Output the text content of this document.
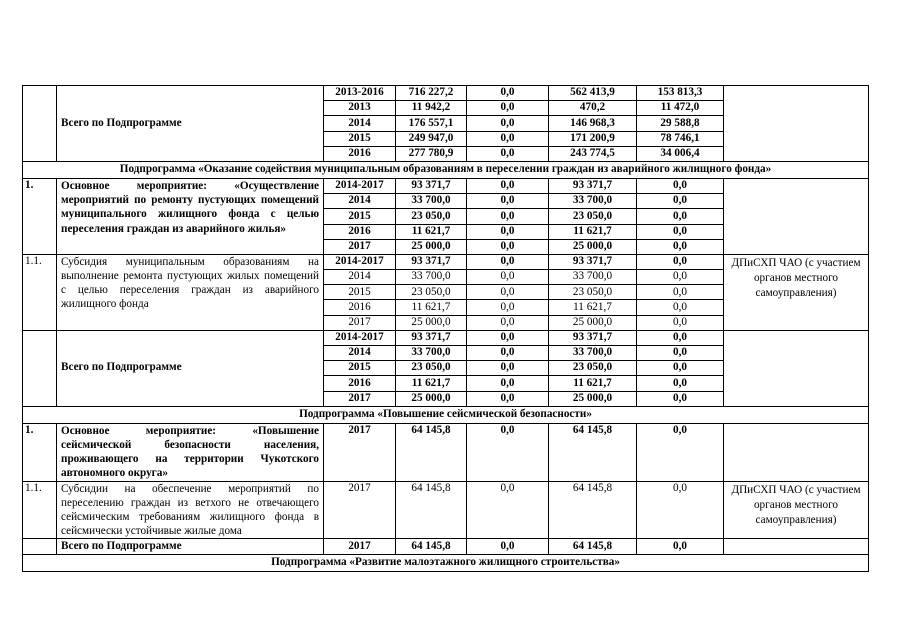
	Всего по Подпрограмме	2013-2016	716 227,2	0,0	562 413,9	153 813,3	
		2013	11 942,2	0,0	470,2	11 472,0	
		2014	176 557,1	0,0	146 968,3	29 588,8	
		2015	249 947,0	0,0	171 200,9	78 746,1	
		2016	277 780,9	0,0	243 774,5	34 006,4	
Подпрограмма «Оказание содействия муниципальным образованиям в переселении граждан из аварийного жилищного фонда»							
1.	Основное мероприятие: «Осуществление мероприятий по ремонту пустующих помещений муниципального жилищного фонда с целью переселения граждан из аварийного жилья»	2014-2017	93 371,7	0,0	93 371,7	0,0	
		2014	33 700,0	0,0	33 700,0	0,0	
		2015	23 050,0	0,0	23 050,0	0,0	
		2016	11 621,7	0,0	11 621,7	0,0	
		2017	25 000,0	0,0	25 000,0	0,0	
1.1.	Субсидия муниципальным образованиям на выполнение ремонта пустующих жилых помещений с целью переселения граждан из аварийного жилищного фонда	2014-2017	93 371,7	0,0	93 371,7	0,0	ДПиСХП ЧАО (с участием органов местного самоуправления)
		2014	33 700,0	0,0	33 700,0	0,0	
		2015	23 050,0	0,0	23 050,0	0,0	
		2016	11 621,7	0,0	11 621,7	0,0	
		2017	25 000,0	0,0	25 000,0	0,0	
	Всего по Подпрограмме	2014-2017	93 371,7	0,0	93 371,7	0,0	
		2014	33 700,0	0,0	33 700,0	0,0	
		2015	23 050,0	0,0	23 050,0	0,0	
		2016	11 621,7	0,0	11 621,7	0,0	
		2017	25 000,0	0,0	25 000,0	0,0	
Подпрограмма «Повышение сейсмической безопасности»							
1.	Основное мероприятие: «Повышение сейсмической безопасности населения, проживающего на территории Чукотского автономного округа»	2017	64 145,8	0,0	64 145,8	0,0	
1.1.	Субсидии на обеспечение мероприятий по переселению граждан из ветхого не отвечающего сейсмическим требованиям жилищного фонда в сейсмически устойчивые жилые дома	2017	64 145,8	0,0	64 145,8	0,0	ДПиСХП ЧАО (с участием органов местного самоуправления)
	Всего по Подпрограмме	2017	64 145,8	0,0	64 145,8	0,0	
Подпрограмма «Развитие малоэтажного жилищного строительства»							
